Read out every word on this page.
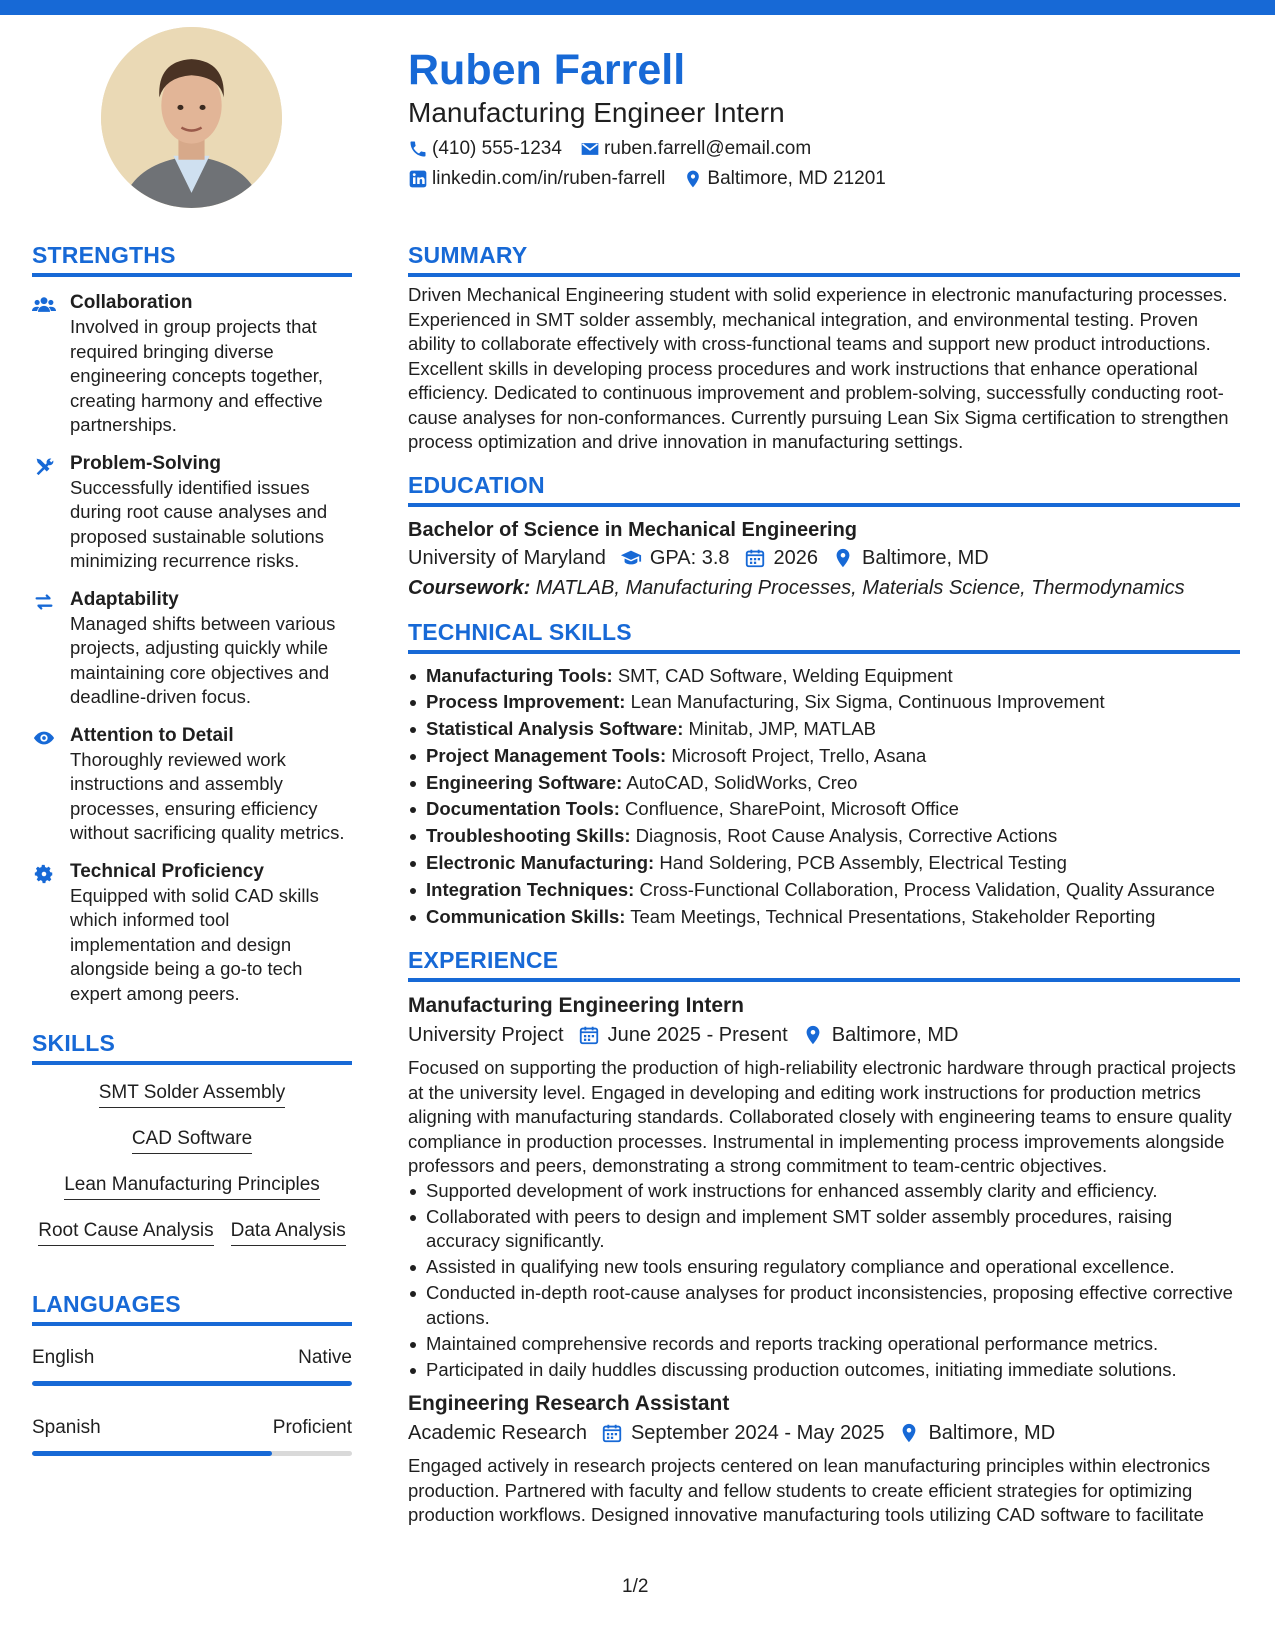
Ruben Farrell
Manufacturing Engineer Intern
(410) 555-1234 ruben.farrell@email.com
linkedin.com/in/ruben-farrell Baltimore, MD 21201
STRENGTHS
Collaboration
Involved in group projects that required bringing diverse engineering concepts together, creating harmony and effective partnerships.
Problem-Solving
Successfully identified issues during root cause analyses and proposed sustainable solutions minimizing recurrence risks.
Adaptability
Managed shifts between various projects, adjusting quickly while maintaining core objectives and deadline-driven focus.
Attention to Detail
Thoroughly reviewed work instructions and assembly processes, ensuring efficiency without sacrificing quality metrics.
Technical Proficiency
Equipped with solid CAD skills which informed tool implementation and design alongside being a go-to tech expert among peers.
SKILLS
SMT Solder Assembly
CAD Software
Lean Manufacturing Principles
Root Cause Analysis Data Analysis
LANGUAGES
English	Native
Spanish	Proficient
SUMMARY
Driven Mechanical Engineering student with solid experience in electronic manufacturing processes. Experienced in SMT solder assembly, mechanical integration, and environmental testing. Proven ability to collaborate effectively with cross-functional teams and support new product introductions. Excellent skills in developing process procedures and work instructions that enhance operational efficiency. Dedicated to continuous improvement and problem-solving, successfully conducting root-cause analyses for non-conformances. Currently pursuing Lean Six Sigma certification to strengthen process optimization and drive innovation in manufacturing settings.
EDUCATION
Bachelor of Science in Mechanical Engineering
University of Maryland GPA: 3.8 2026 Baltimore, MD
Coursework: MATLAB, Manufacturing Processes, Materials Science, Thermodynamics
TECHNICAL SKILLS
Manufacturing Tools: SMT, CAD Software, Welding Equipment
Process Improvement: Lean Manufacturing, Six Sigma, Continuous Improvement
Statistical Analysis Software: Minitab, JMP, MATLAB
Project Management Tools: Microsoft Project, Trello, Asana
Engineering Software: AutoCAD, SolidWorks, Creo
Documentation Tools: Confluence, SharePoint, Microsoft Office
Troubleshooting Skills: Diagnosis, Root Cause Analysis, Corrective Actions
Electronic Manufacturing: Hand Soldering, PCB Assembly, Electrical Testing
Integration Techniques: Cross-Functional Collaboration, Process Validation, Quality Assurance
Communication Skills: Team Meetings, Technical Presentations, Stakeholder Reporting
EXPERIENCE
Manufacturing Engineering Intern
University Project June 2025 - Present Baltimore, MD
Focused on supporting the production of high-reliability electronic hardware through practical projects at the university level. Engaged in developing and editing work instructions for production metrics aligning with manufacturing standards. Collaborated closely with engineering teams to ensure quality compliance in production processes. Instrumental in implementing process improvements alongside professors and peers, demonstrating a strong commitment to team-centric objectives.
Supported development of work instructions for enhanced assembly clarity and efficiency.
Collaborated with peers to design and implement SMT solder assembly procedures, raising accuracy significantly.
Assisted in qualifying new tools ensuring regulatory compliance and operational excellence.
Conducted in-depth root-cause analyses for product inconsistencies, proposing effective corrective actions.
Maintained comprehensive records and reports tracking operational performance metrics.
Participated in daily huddles discussing production outcomes, initiating immediate solutions.
Engineering Research Assistant
Academic Research September 2024 - May 2025 Baltimore, MD
Engaged actively in research projects centered on lean manufacturing principles within electronics production. Partnered with faculty and fellow students to create efficient strategies for optimizing production workflows. Designed innovative manufacturing tools utilizing CAD software to facilitate
1/2
